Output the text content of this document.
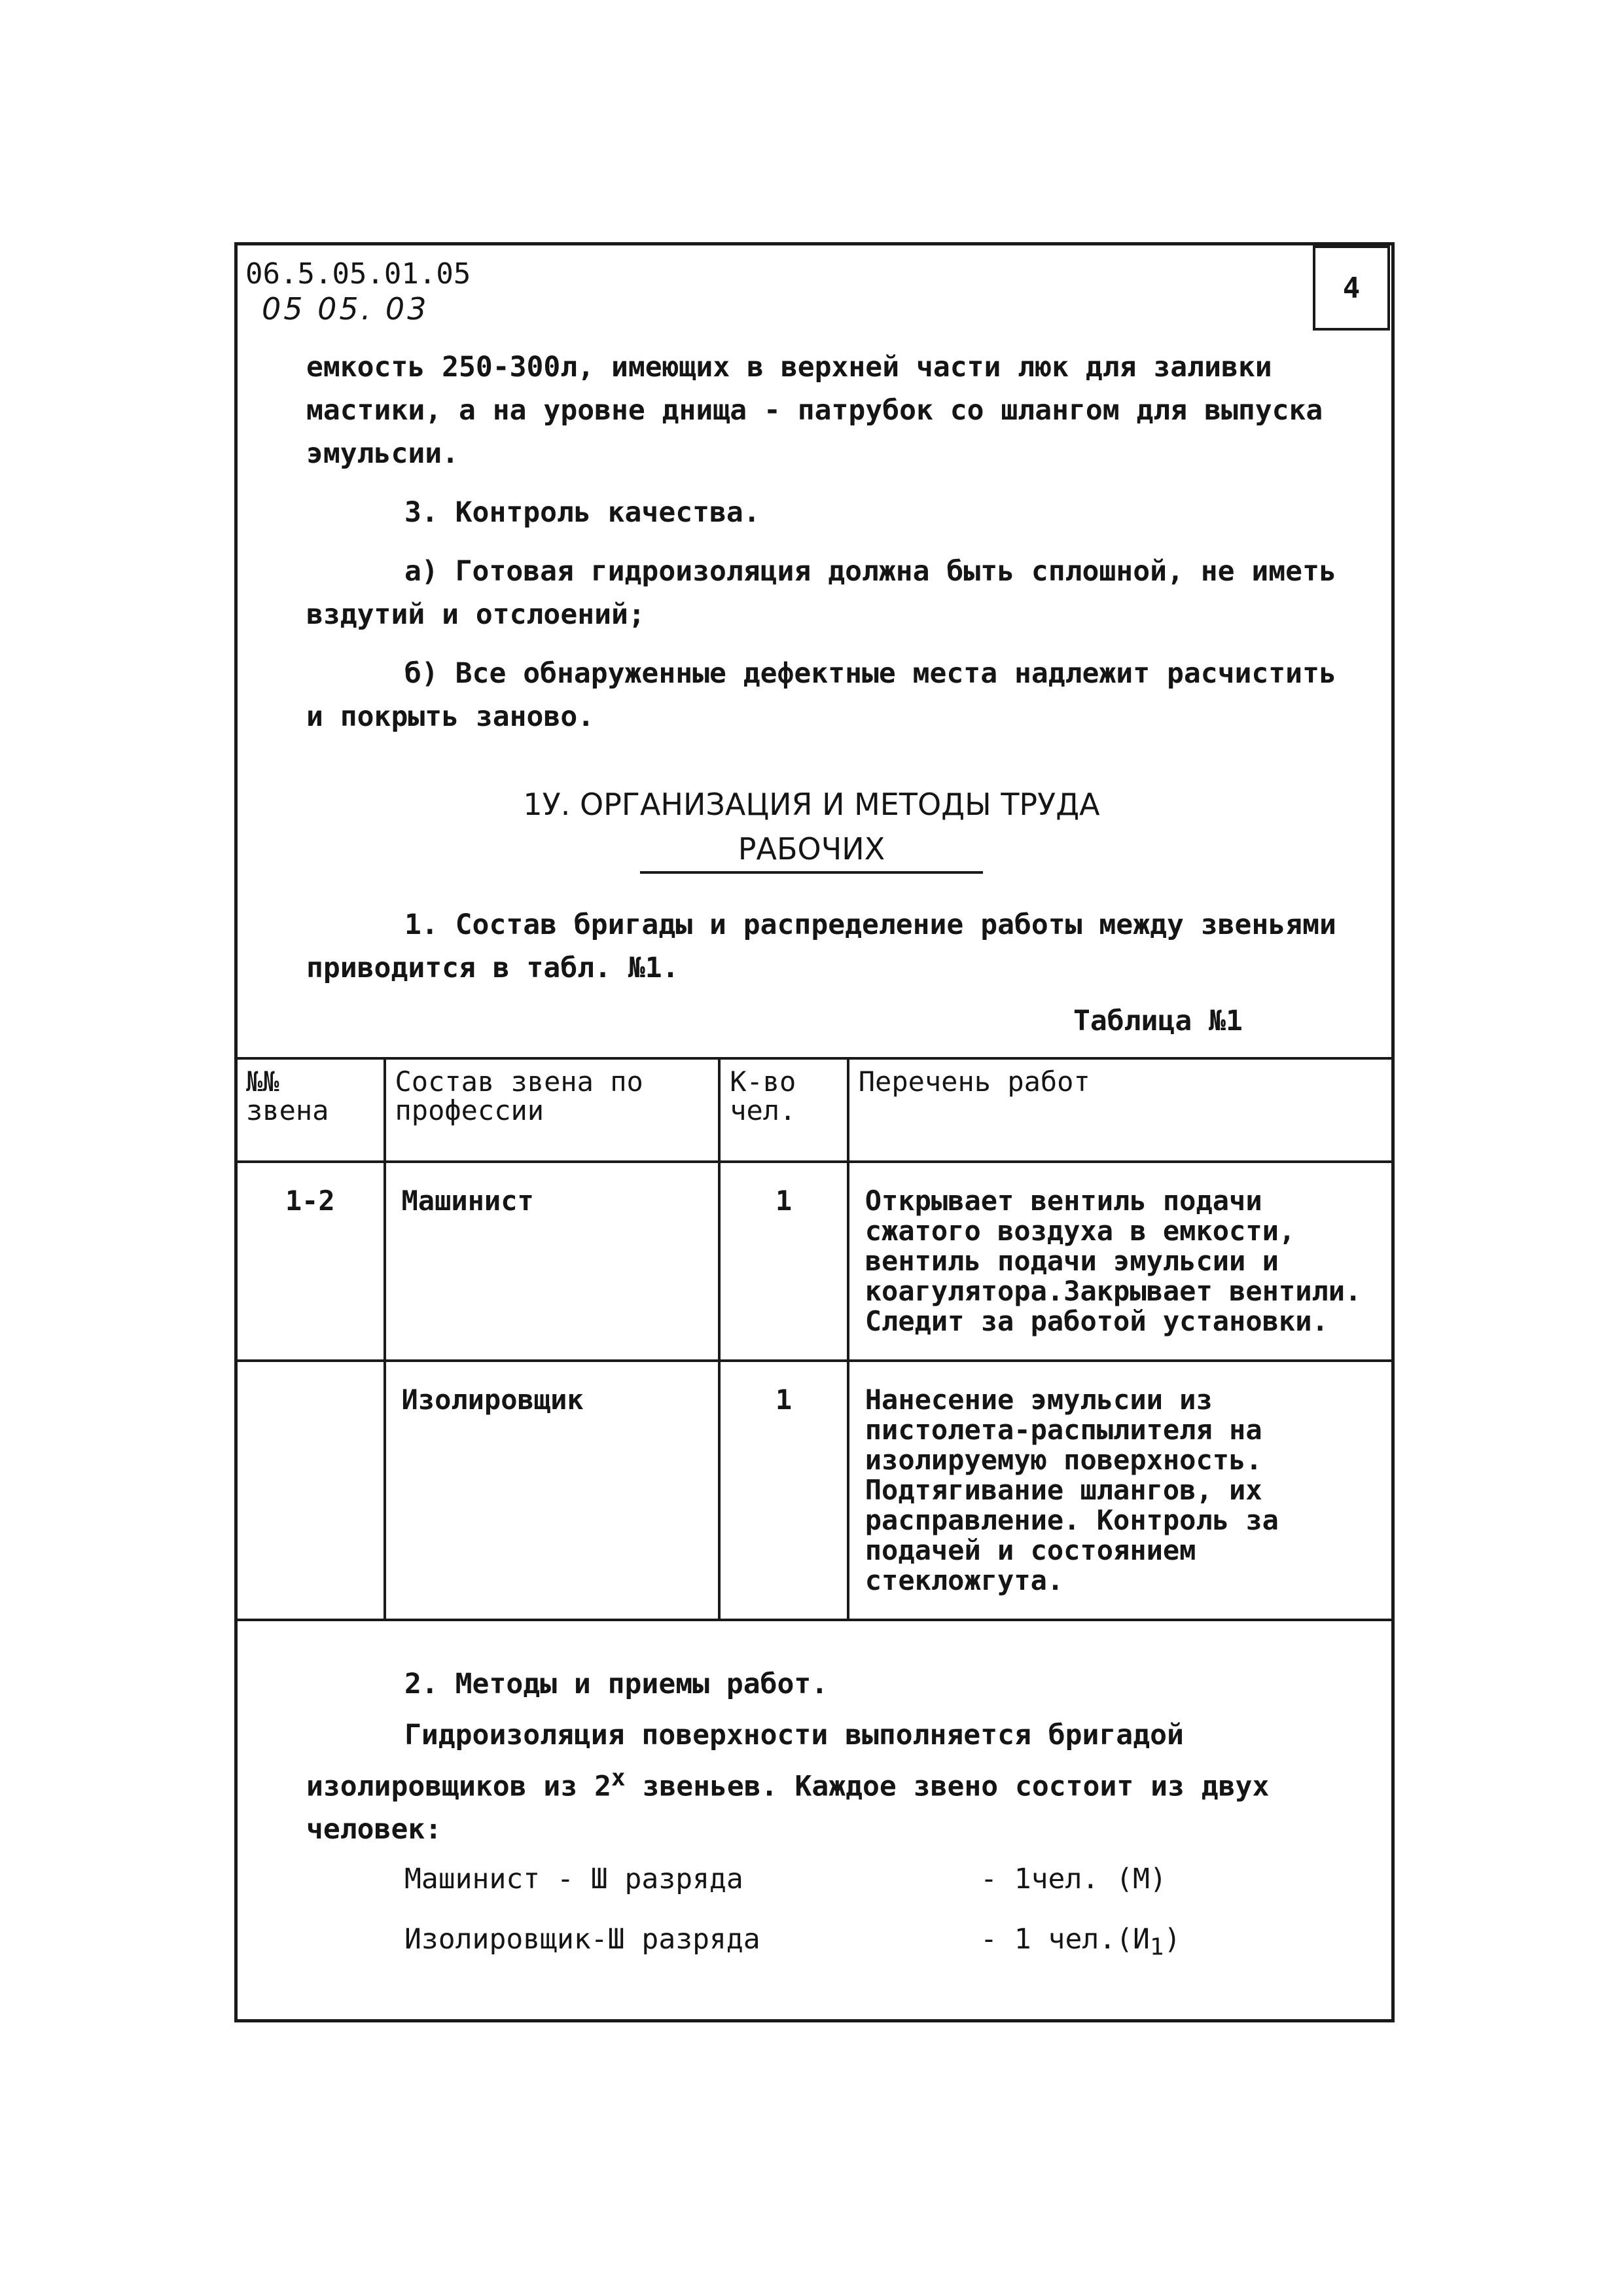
06.5.05.01.05
05 05. 03
4
емкость 250-300л, имеющих в верхней части люк для заливки мастики, а на уровне днища - патрубок со шлангом для выпуска эмульсии.
3. Контроль качества.
а) Готовая гидроизоляция должна быть сплошной, не иметь вздутий и отслоений;
б) Все обнаруженные дефектные места надлежит расчистить и покрыть заново.
1У. ОРГАНИЗАЦИЯ И МЕТОДЫ ТРУДА
РАБОЧИХ
1. Состав бригады и распределение работы между звеньями приводится в табл. №1.
Таблица №1
№№ звена	Состав звена по профессии	К-во чел.	Перечень работ
1-2	Машинист	1	Открывает вентиль подачи сжатого воздуха в емкости, вентиль подачи эмульсии и коагулятора.Закрывает вентили. Следит за работой установки.
	Изолировщик	1	Нанесение эмульсии из пистолета-распылителя на изолируемую поверхность. Подтягивание шлангов, их расправление. Контроль за подачей и состоянием стекложгута.
2. Методы и приемы работ.
Гидроизоляция поверхности выполняется бригадой изолировщиков из $2^х$ звеньев. Каждое звено состоит из двух человек:
Машинист - Ш разряда	- 1чел. (М)
Изолировщик-Ш разряда	- 1 $чел.(И_1)$
